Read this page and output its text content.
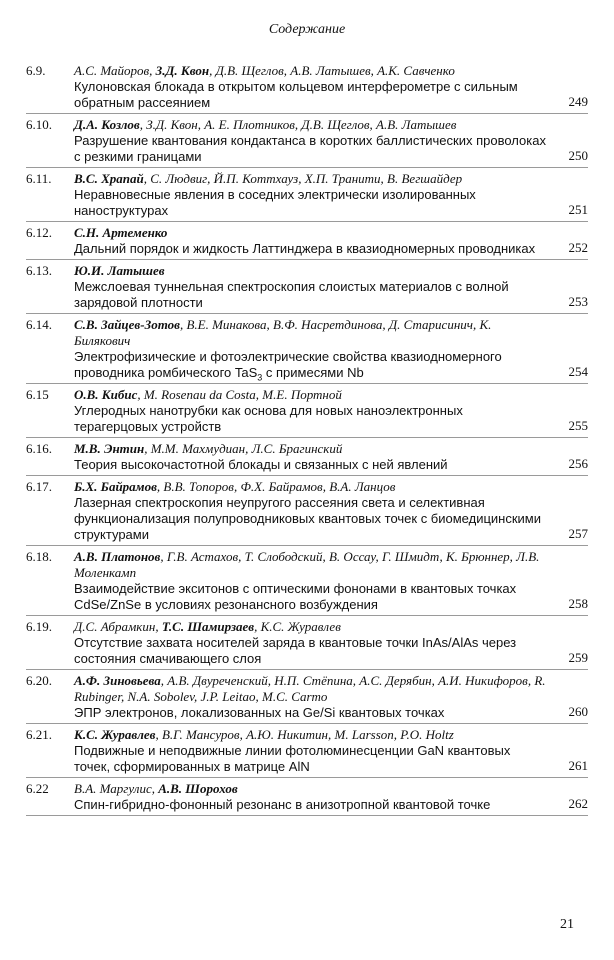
Содержание
6.9. А.С. Майоров, З.Д. Квон, Д.В. Щеглов, А.В. Латышев, А.К. Савченко
Кулоновская блокада в открытом кольцевом интерферометре с сильным обратным рассеянием	249
6.10. Д.А. Козлов, З.Д. Квон, А. Е. Плотников, Д.В. Щеглов, А.В. Латышев
Разрушение квантования кондактанса в коротких баллистических проволоках с резкими границами	250
6.11. В.С. Храпай, С. Людвиг, Й.П. Коттхауз, Х.П. Транити, В. Вегшайдер
Неравновесные явления в соседних электрически изолированных наноструктурах	251
6.12. С.Н. Артеменко
Дальний порядок и жидкость Латтинджера в квазиодномерных проводниках	252
6.13. Ю.И. Латышев
Межслоевая туннельная спектроскопия слоистых материалов с волной зарядовой плотности	253
6.14. С.В. Зайцев-Зотов, В.Е. Минакова, В.Ф. Насретдинова, Д. Старисинич, К. Билякович
Электрофизические и фотоэлектрические свойства квазиодномерного проводника ромбического TaS$_3$ с примесями Nb	254
6.15 О.В. Кибис, M. Rosenau da Costa, М.Е. Портной
Углеродных нанотрубки как основа для новых наноэлектронных терагерцовых устройств	255
6.16. М.В. Энтин, М.М. Махмудиан, Л.С. Брагинский
Теория высокочастотной блокады и связанных с ней явлений	256
6.17. Б.Х. Байрамов, В.В. Топоров, Ф.Х. Байрамов, В.А. Ланцов
Лазерная спектроскопия неупругого рассеяния света и селективная функционализация полупроводниковых квантовых точек с биомедицинскими структурами	257
6.18. А.В. Платонов, Г.В. Астахов, Т. Слободский, В. Оссау, Г. Шмидт, К. Брюннер, Л.В. Моленкамп
Взаимодействие экситонов с оптическими фононами в квантовых точках CdSe/ZnSe в условиях резонансного возбуждения	258
6.19. Д.С. Абрамкин, Т.С. Шамирзаев, К.С. Журавлев
Отсутствие захвата носителей заряда в квантовые точки InAs/AlAs через состояния смачивающего слоя	259
6.20. А.Ф. Зиновьева, А.В. Двуреченский, Н.П. Стёпина, А.С. Дерябин, А.И. Никифоров, R. Rubinger, N.A. Sobolev, J.P. Leitao, M.C. Carmo
ЭПР электронов, локализованных на Ge/Si квантовых точках	260
6.21. К.С. Журавлев, В.Г. Мансуров, А.Ю. Никитин, M. Larsson, P.O. Holtz
Подвижные и неподвижные линии фотолюминесценции GaN квантовых точек, сформированных в матрице AlN	261
6.22 В.А. Маргулис, А.В. Шорохов
Спин-гибридно-фононный резонанс в анизотропной квантовой точке	262
21
